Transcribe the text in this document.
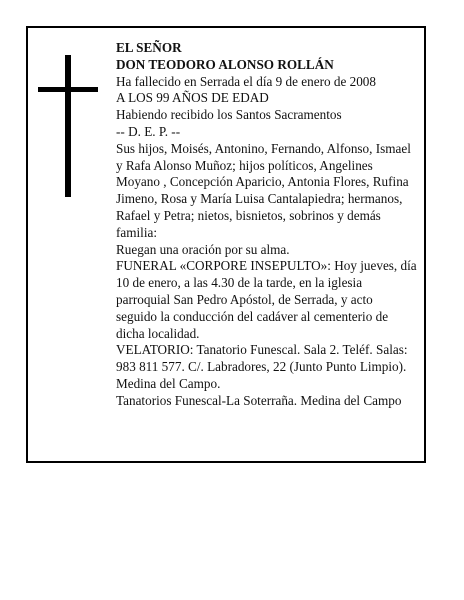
EL SEÑOR
DON TEODORO ALONSO ROLLÁN
Ha fallecido en Serrada el día 9 de enero de 2008
A LOS 99 AÑOS DE EDAD
Habiendo recibido los Santos Sacramentos
-- D. E. P. --
Sus hijos, Moisés, Antonino, Fernando, Alfonso, Ismael
y Rafa Alonso Muñoz; hijos políticos, Angelines
Moyano , Concepción Aparicio, Antonia Flores, Rufina
Jimeno, Rosa y María Luisa Cantalapiedra; hermanos,
Rafael y Petra; nietos, bisnietos, sobrinos y demás
familia:
Ruegan una oración por su alma.
FUNERAL «CORPORE INSEPULTO»: Hoy jueves, día
10 de enero, a las 4.30 de la tarde, en la iglesia
parroquial San Pedro Apóstol, de Serrada, y acto
seguido la conducción del cadáver al cementerio de
dicha localidad.
VELATORIO: Tanatorio Funescal. Sala 2. Teléf. Salas:
983 811 577. C/. Labradores, 22 (Junto Punto Limpio).
Medina del Campo.
Tanatorios Funescal-La Soterraña. Medina del Campo
